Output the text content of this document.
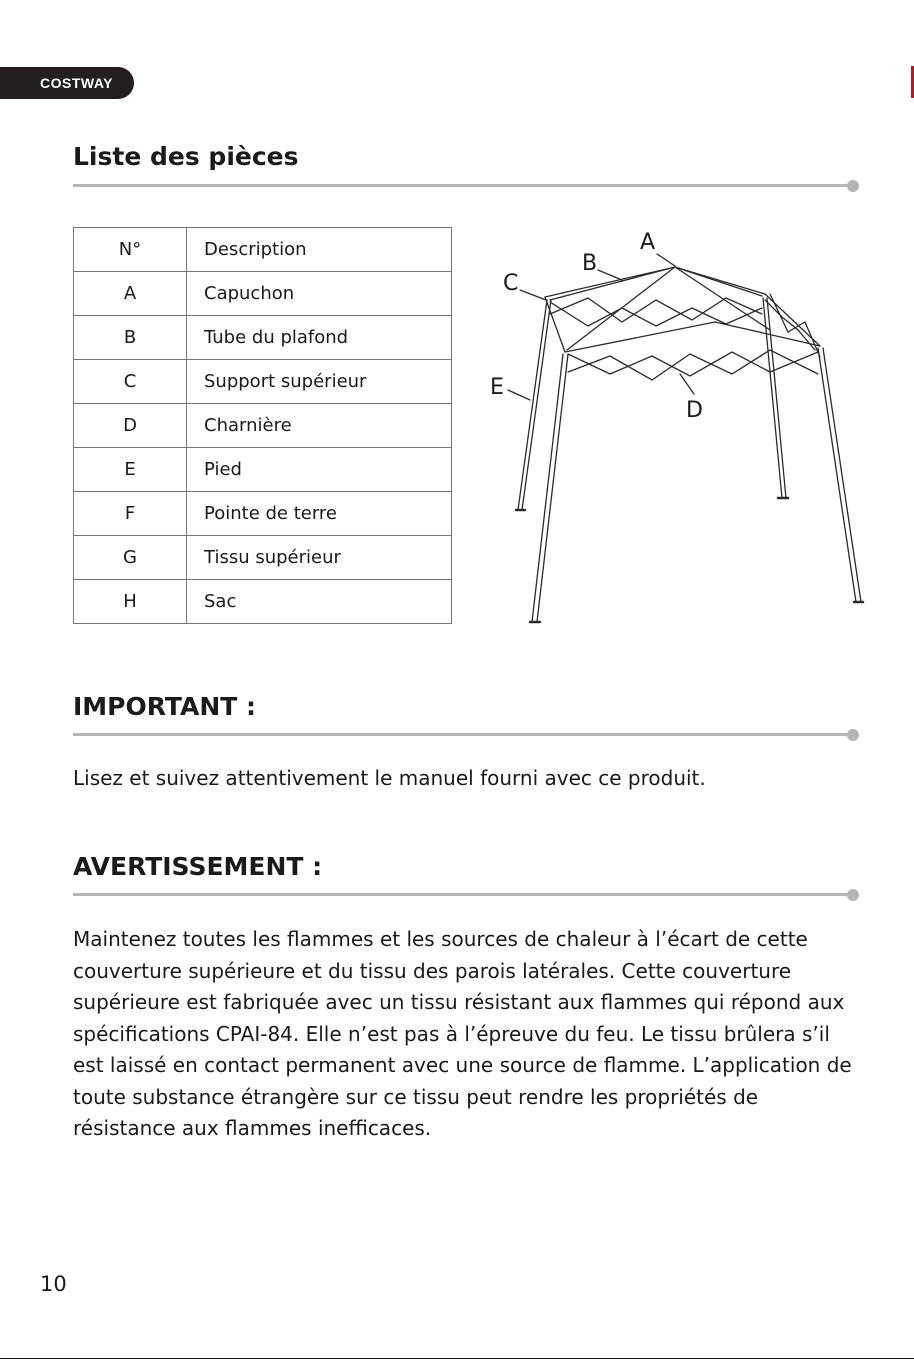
COSTWAY
Liste des pièces
N°	Description
A	Capuchon
B	Tube du plafond
C	Support supérieur
D	Charnière
E	Pied
F	Pointe de terre
G	Tissu supérieur
H	Sac
A
B
C
E
D
IMPORTANT :

Lisez et suivez attentivement le manuel fourni avec ce produit.

AVERTISSEMENT :

Maintenez toutes les flammes et les sources de chaleur à l’écart de cette couverture supérieure et du tissu des parois latérales. Cette couverture supérieure est fabriquée avec un tissu résistant aux flammes qui répond aux spécifications CPAI-84. Elle n’est pas à l’épreuve du feu. Le tissu brûlera s’il est laissé en contact permanent avec une source de flamme. L’application de toute substance étrangère sur ce tissu peut rendre les propriétés de résistance aux flammes inefficaces.

10
